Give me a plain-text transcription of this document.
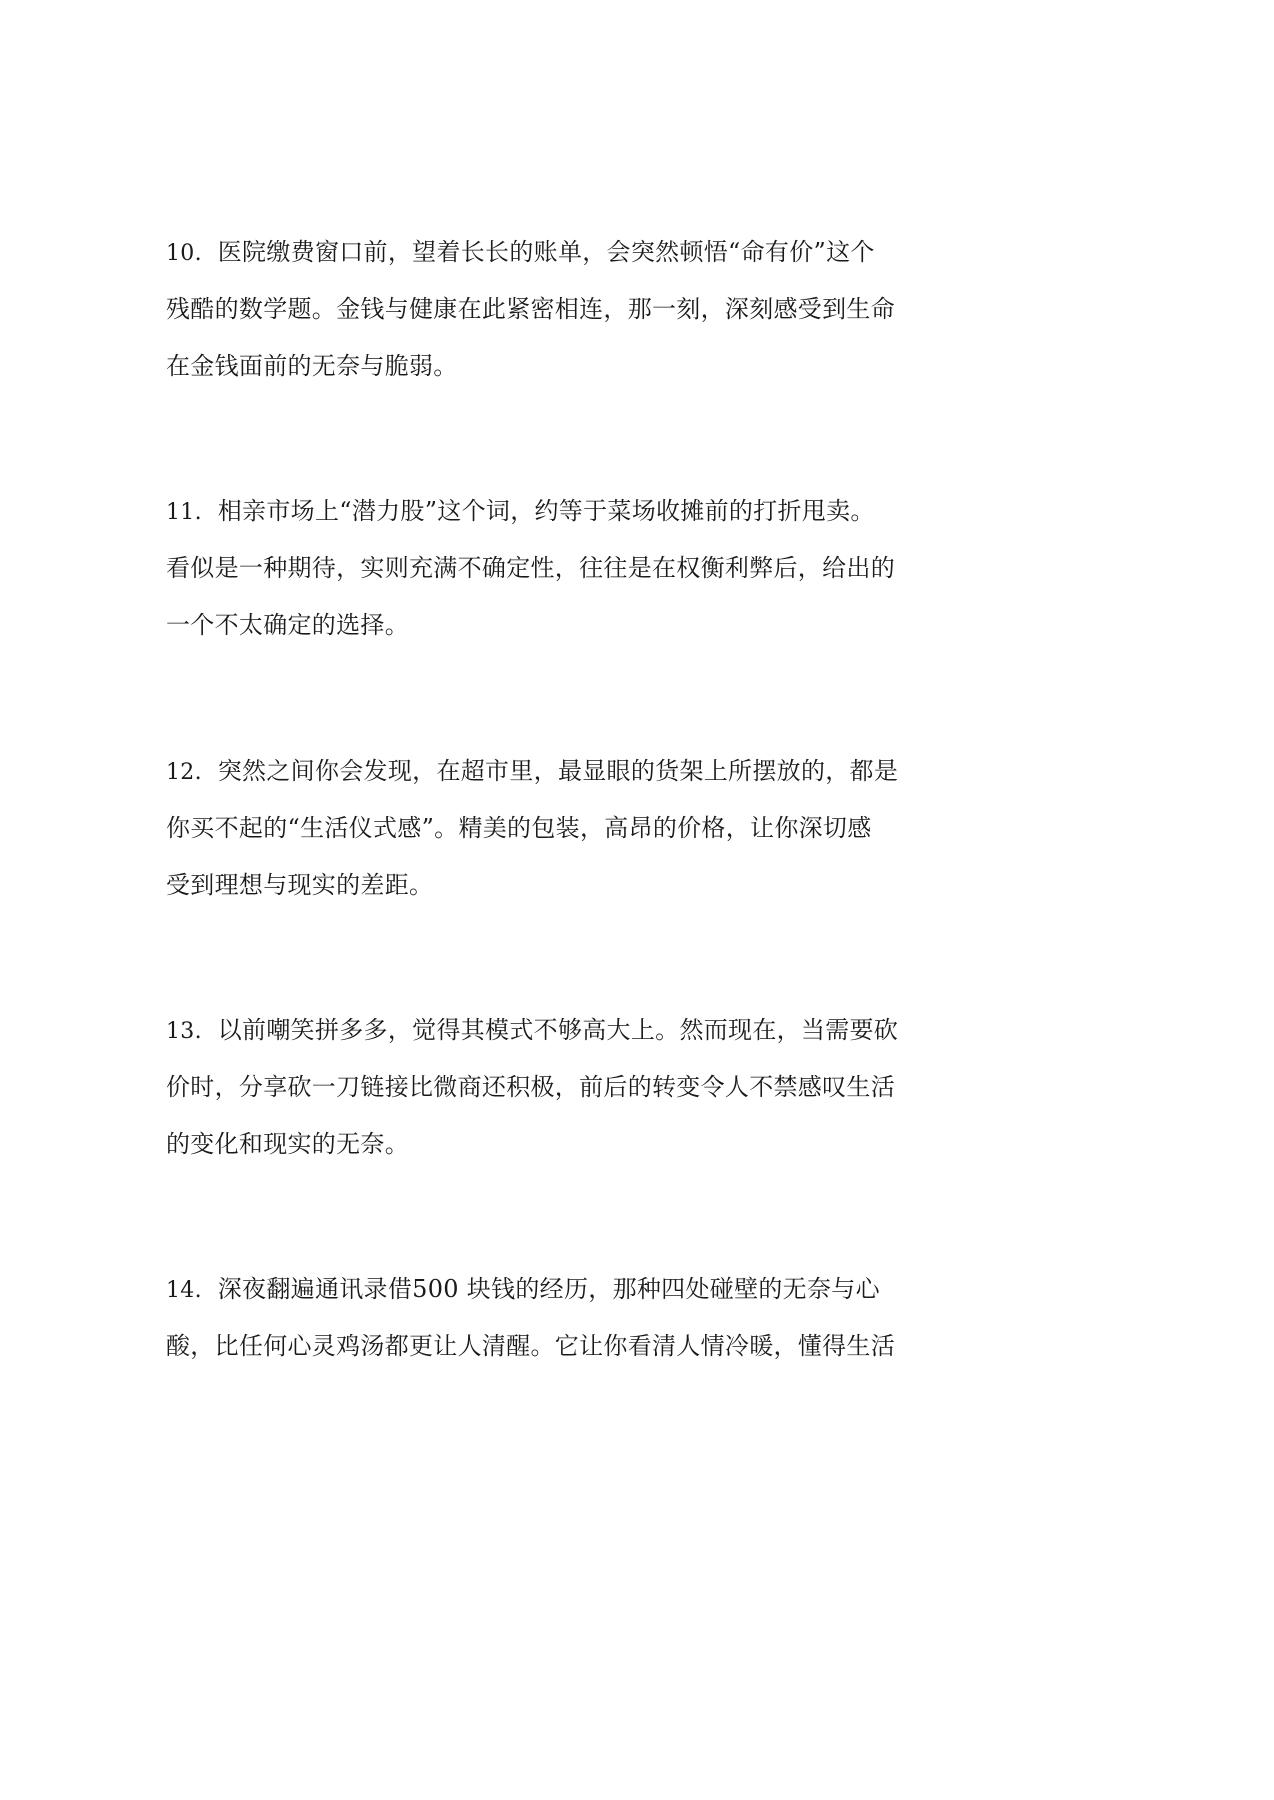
10. 医院缴费窗口前，望着长长的账单，会突然顿悟“命有价”这个
残酷的数学题。金钱与健康在此紧密相连，那一刻，深刻感受到生命
在金钱面前的无奈与脆弱。
11. 相亲市场上“潜力股”这个词，约等于菜场收摊前的打折甩卖。
看似是一种期待，实则充满不确定性，往往是在权衡利弊后，给出的
一个不太确定的选择。
12. 突然之间你会发现，在超市里，最显眼的货架上所摆放的，都是
你买不起的“生活仪式感”。精美的包装，高昂的价格，让你深切感
受到理想与现实的差距。
13. 以前嘲笑拼多多，觉得其模式不够高大上。然而现在，当需要砍
价时，分享砍一刀链接比微商还积极，前后的转变令人不禁感叹生活
的变化和现实的无奈。
14. 深夜翻遍通讯录借500 块钱的经历，那种四处碰壁的无奈与心
酸，比任何心灵鸡汤都更让人清醒。它让你看清人情冷暖，懂得生活
